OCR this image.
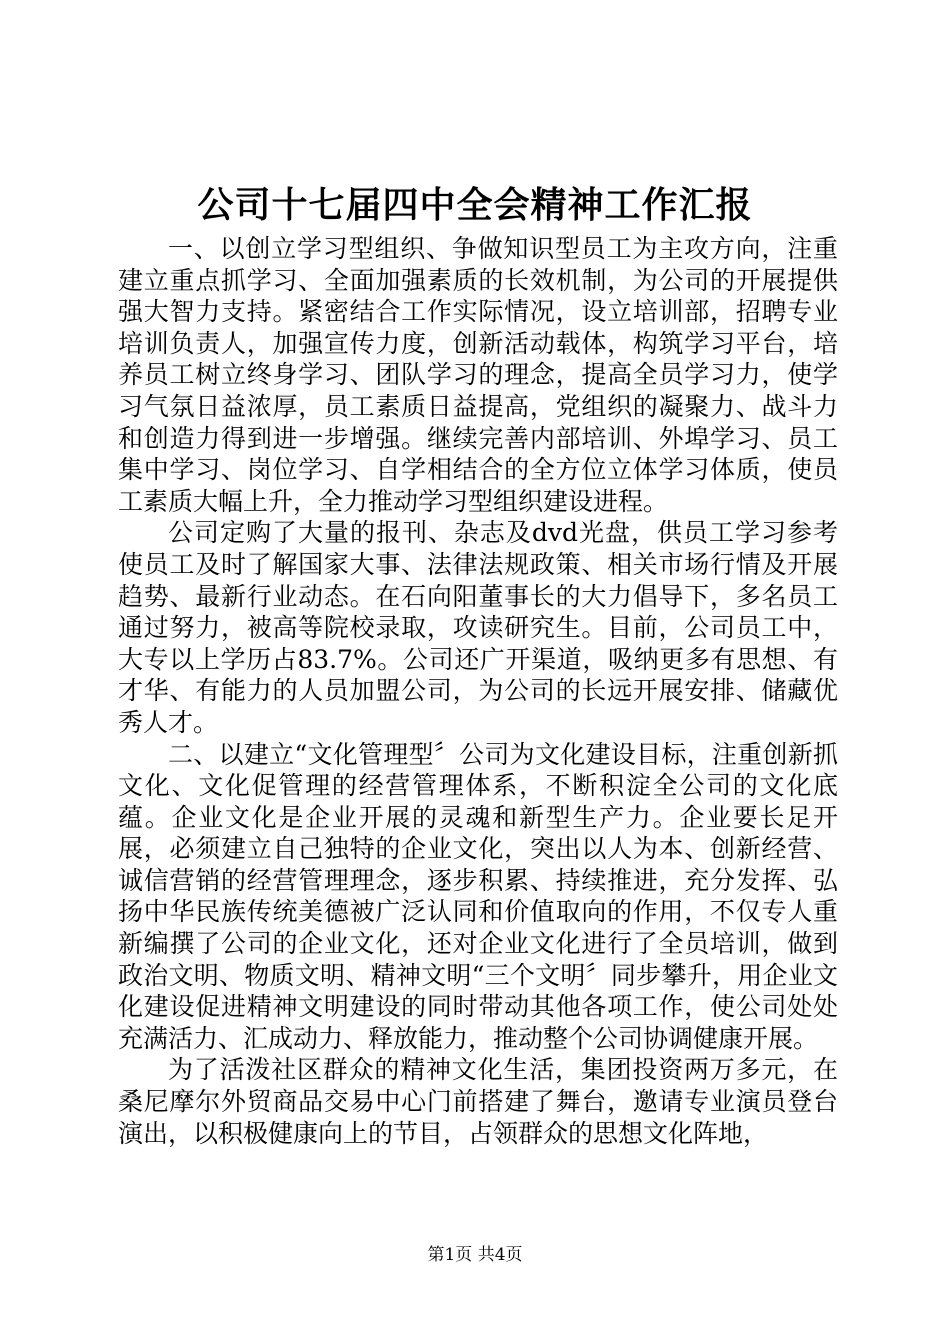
公司十七届四中全会精神工作汇报

一、以创立学习型组织、争做知识型员工为主攻方向，注重建立重点抓学习、全面加强素质的长效机制，为公司的开展提供强大智力支持。紧密结合工作实际情况，设立培训部，招聘专业培训负责人，加强宣传力度，创新活动载体，构筑学习平台，培养员工树立终身学习、团队学习的理念，提高全员学习力，使学习气氛日益浓厚，员工素质日益提高，党组织的凝聚力、战斗力和创造力得到进一步增强。继续完善内部培训、外埠学习、员工集中学习、岗位学习、自学相结合的全方位立体学习体质，使员工素质大幅上升，全力推动学习型组织建设进程。

公司定购了大量的报刊、杂志及dvd光盘，供员工学习参考使员工及时了解国家大事、法律法规政策、相关市场行情及开展趋势、最新行业动态。在石向阳董事长的大力倡导下，多名员工通过努力，被高等院校录取，攻读研究生。目前，公司员工中，大专以上学历占83.7%。公司还广开渠道，吸纳更多有思想、有才华、有能力的人员加盟公司，为公司的长远开展安排、储藏优秀人才。

二、以建立“文化管理型〞公司为文化建设目标，注重创新抓文化、文化促管理的经营管理体系，不断积淀全公司的文化底蕴。企业文化是企业开展的灵魂和新型生产力。企业要长足开展，必须建立自己独特的企业文化，突出以人为本、创新经营、诚信营销的经营管理理念，逐步积累、持续推进，充分发挥、弘扬中华民族传统美德被广泛认同和价值取向的作用，不仅专人重新编撰了公司的企业文化，还对企业文化进行了全员培训，做到政治文明、物质文明、精神文明“三个文明〞同步攀升，用企业文化建设促进精神文明建设的同时带动其他各项工作，使公司处处充满活力、汇成动力、释放能力，推动整个公司协调健康开展。

为了活泼社区群众的精神文化生活，集团投资两万多元，在桑尼摩尔外贸商品交易中心门前搭建了舞台，邀请专业演员登台演出，以积极健康向上的节目，占领群众的思想文化阵地，

第1页 共4页
